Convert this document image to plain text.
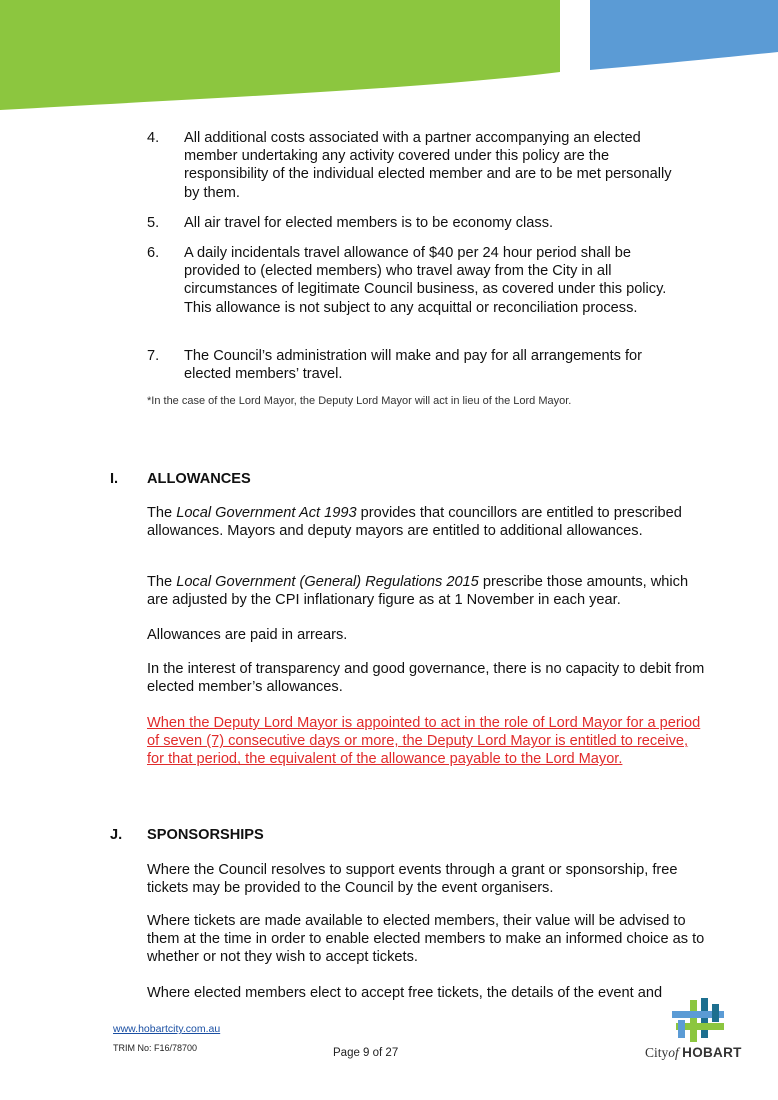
4. All additional costs associated with a partner accompanying an elected member undertaking any activity covered under this policy are the responsibility of the individual elected member and are to be met personally by them.
5. All air travel for elected members is to be economy class.
6. A daily incidentals travel allowance of $40 per 24 hour period shall be provided to (elected members) who travel away from the City in all circumstances of legitimate Council business, as covered under this policy. This allowance is not subject to any acquittal or reconciliation process.
7. The Council’s administration will make and pay for all arrangements for elected members’ travel.
*In the case of the Lord Mayor, the Deputy Lord Mayor will act in lieu of the Lord Mayor.
I. ALLOWANCES
The Local Government Act 1993 provides that councillors are entitled to prescribed allowances. Mayors and deputy mayors are entitled to additional allowances.
The Local Government (General) Regulations 2015 prescribe those amounts, which are adjusted by the CPI inflationary figure as at 1 November in each year.
Allowances are paid in arrears.
In the interest of transparency and good governance, there is no capacity to debit from elected member’s allowances.
When the Deputy Lord Mayor is appointed to act in the role of Lord Mayor for a period of seven (7) consecutive days or more, the Deputy Lord Mayor is entitled to receive, for that period, the equivalent of the allowance payable to the Lord Mayor.
J. SPONSORSHIPS
Where the Council resolves to support events through a grant or sponsorship, free tickets may be provided to the Council by the event organisers.
Where tickets are made available to elected members, their value will be advised to them at the time in order to enable elected members to make an informed choice as to whether or not they wish to accept tickets.
Where elected members elect to accept free tickets, the details of the event and
www.hobartcity.com.au
TRIM No: F16/78700	Page 9 of 27	Cityof HOBART
